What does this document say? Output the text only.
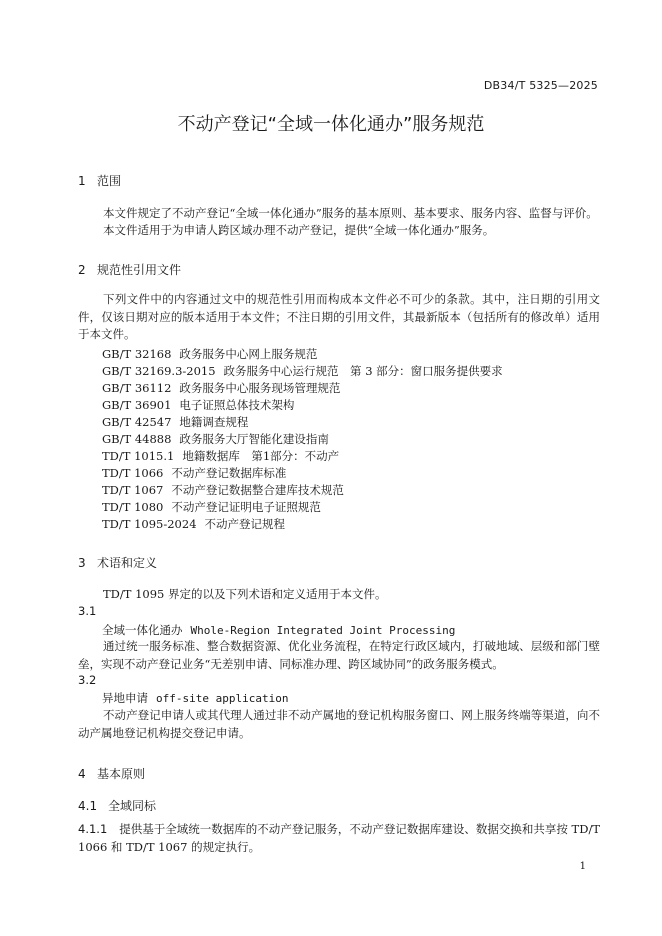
DB34/T 5325—2025
不动产登记“全域一体化通办”服务规范
1 范围
本文件规定了不动产登记“全域一体化通办”服务的基本原则、基本要求、服务内容、监督与评价。
本文件适用于为申请人跨区域办理不动产登记，提供“全域一体化通办”服务。
2 规范性引用文件
下列文件中的内容通过文中的规范性引用而构成本文件必不可少的条款。其中，注日期的引用文件，仅该日期对应的版本适用于本文件；不注日期的引用文件，其最新版本（包括所有的修改单）适用于本文件。
GB/T 32168 政务服务中心网上服务规范
GB/T 32169.3-2015 政务服务中心运行规范　第 3 部分：窗口服务提供要求
GB/T 36112 政务服务中心服务现场管理规范
GB/T 36901 电子证照总体技术架构
GB/T 42547 地籍调查规程
GB/T 44888 政务服务大厅智能化建设指南
TD/T 1015.1 地籍数据库　第1部分：不动产
TD/T 1066 不动产登记数据库标准
TD/T 1067 不动产登记数据整合建库技术规范
TD/T 1080 不动产登记证明电子证照规范
TD/T 1095-2024 不动产登记规程
3 术语和定义
TD/T 1095 界定的以及下列术语和定义适用于本文件。
3.1
全域一体化通办 Whole-Region Integrated Joint Processing
通过统一服务标准、整合数据资源、优化业务流程，在特定行政区域内，打破地域、层级和部门壁垒，实现不动产登记业务“无差别申请、同标准办理、跨区域协同”的政务服务模式。
3.2
异地申请 off-site application
不动产登记申请人或其代理人通过非不动产属地的登记机构服务窗口、网上服务终端等渠道，向不动产属地登记机构提交登记申请。
4 基本原则
4.1 全域同标
4.1.1 提供基于全域统一数据库的不动产登记服务，不动产登记数据库建设、数据交换和共享按 TD/T 1066 和 TD/T 1067 的规定执行。
1
